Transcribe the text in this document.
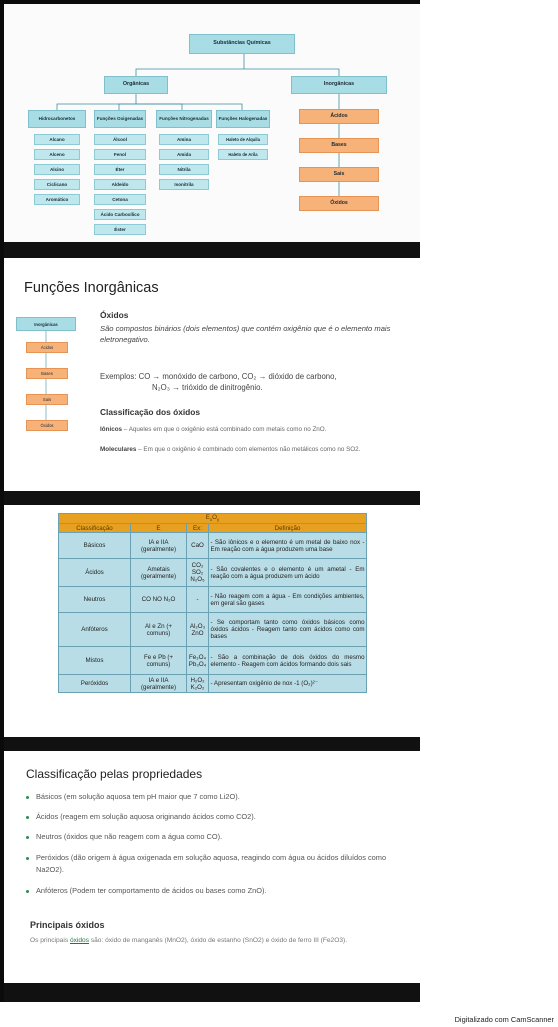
Substâncias Químicas
Orgânicas	Inorgânicas
Hidrocarbonetos	Funções Oxigenadas	Funções Nitrogenadas	Funções Halogenadas
Alcano
Alceno
Alcino
Ciclicano
Aromático
Álcool
Fenol
Éter
Aldeído
Cetona
Ácido Carboxílico
Éster
Amina
Amida
Nitrila
Isonitrila
Haleto de Alquila
Haleto de Arila
Ácidos
Bases
Sais
Óxidos
Funções Inorgânicas
Inorgânicas
Ácidos
Bases
Sais
Óxidos
Óxidos
São compostos binários (dois elementos) que contém oxigênio que é o elemento mais eletronegativo.
Exemplos: CO → monóxido de carbono, CO₂ → dióxido de carbono,
N₂O₃ → trióxido de dinitrogênio.
Classificação dos óxidos
Iônicos – Aqueles em que o oxigênio está combinado com metais como no ZnO.
Moleculares – Em que o oxigênio é combinado com elementos não metálicos como no SO2.
$E_xO_y$
Classificação	E	Ex:	Definição
Básicos	IA e IIA (geralmente)	CaO	- São iônicos e o elemento é um metal de baixo nox - Em reação com a água produzem uma base
Ácidos	Ametais (geralmente)	CO₂ SO₂ N₂O₅	- São covalentes e o elemento é um ametal - Em reação com a água produzem um ácido
Neutros	CO NO N₂O	-	- Não reagem com a água - Em condições ambientes, em geral são gases
Anfóteros	Al e Zn (+ comuns)	Al₂O₃ ZnO	- Se comportam tanto como óxidos básicos como óxidos ácidos - Reagem tanto com ácidos como com bases
Mistos	Fe e Pb (+ comuns)	Fe₃O₄ Pb₃O₄	- São a combinação de dois óxidos do mesmo elemento - Reagem com ácidos formando dois sais
Peróxidos	IA e IIA (geralmente)	H₂O₂ K₂O₂	- Apresentam oxigênio de nox -1 (O₂)²⁻
Classificação pelas propriedades
Básicos (em solução aquosa tem pH maior que 7 como Li2O).
Ácidos (reagem em solução aquosa originando ácidos como CO2).
Neutros (óxidos que não reagem com a água como CO).
Peróxidos (dão origem à água oxigenada em solução aquosa, reagindo com água ou ácidos diluídos como Na2O2).
Anfóteros (Podem ter comportamento de ácidos ou bases como ZnO).
Principais óxidos
Os principais óxidos são: óxido de manganês (MnO2), óxido de estanho (SnO2) e óxido de ferro III (Fe2O3).
Digitalizado com CamScanner
